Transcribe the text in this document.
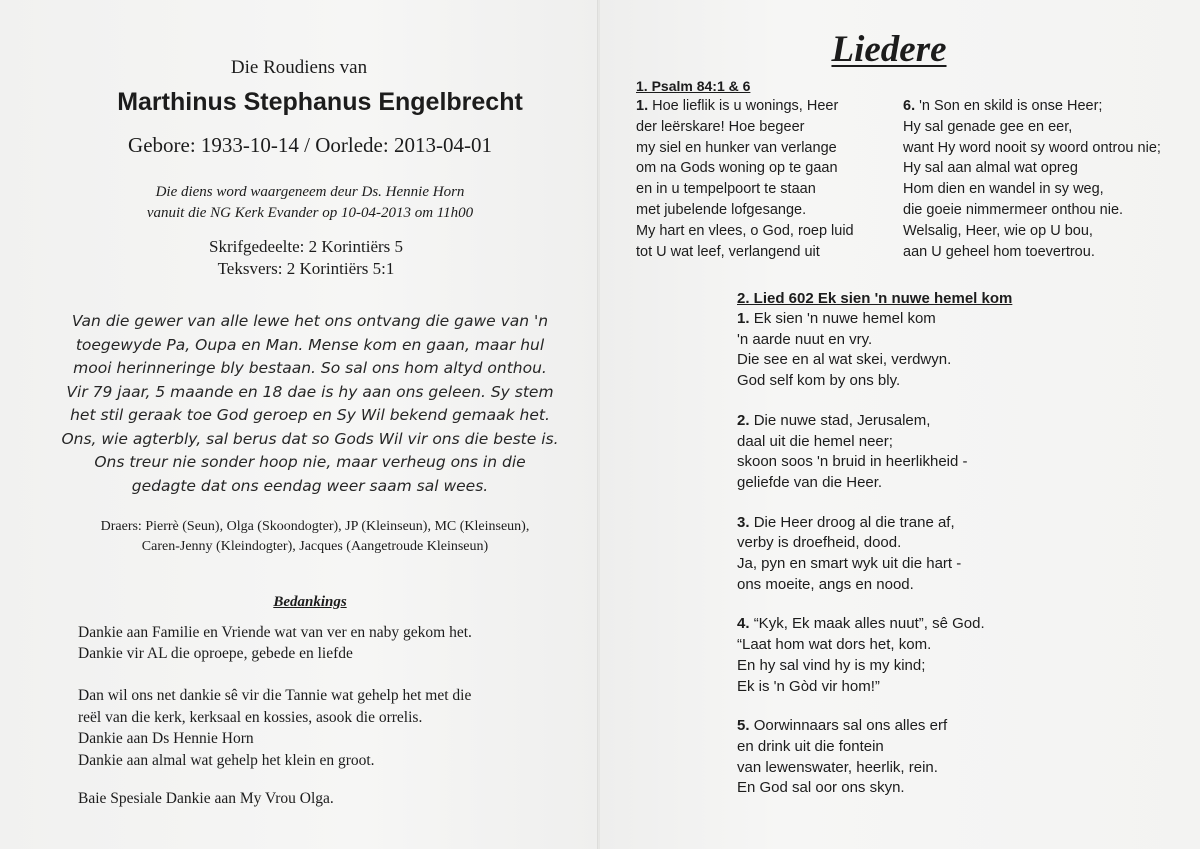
Die Roudiens van
Marthinus Stephanus Engelbrecht
Gebore: 1933-10-14 / Oorlede: 2013-04-01
Die diens word waargeneem deur Ds. Hennie Horn
vanuit die NG Kerk Evander op 10-04-2013 om 11h00
Skrifgedeelte: 2 Korintiërs 5
Teksvers: 2 Korintiërs 5:1
Van die gewer van alle lewe het ons ontvang die gawe van 'n
toegewyde Pa, Oupa en Man. Mense kom en gaan, maar hul
mooi herinneringe bly bestaan. So sal ons hom altyd onthou.
Vir 79 jaar, 5 maande en 18 dae is hy aan ons geleen. Sy stem
het stil geraak toe God geroep en Sy Wil bekend gemaak het.
Ons, wie agterbly, sal berus dat so Gods Wil vir ons die beste is.
Ons treur nie sonder hoop nie, maar verheug ons in die
gedagte dat ons eendag weer saam sal wees.
Draers: Pierrè (Seun), Olga (Skoondogter), JP (Kleinseun), MC (Kleinseun),
Caren-Jenny (Kleindogter), Jacques (Aangetroude Kleinseun)
Bedankings
Dankie aan Familie en Vriende wat van ver en naby gekom het.
Dankie vir AL die oproepe, gebede en liefde
Dan wil ons net dankie sê vir die Tannie wat gehelp het met die
reël van die kerk, kerksaal en kossies, asook die orrelis.
Dankie aan Ds Hennie Horn
Dankie aan almal wat gehelp het klein en groot.
Baie Spesiale Dankie aan My Vrou Olga.
Liedere
1. Psalm 84:1 & 6
1. Hoe lieflik is u wonings, Heer
der leërskare! Hoe begeer
my siel en hunker van verlange
om na Gods woning op te gaan
en in u tempelpoort te staan
met jubelende lofgesange.
My hart en vlees, o God, roep luid
tot U wat leef, verlangend uit
6. 'n Son en skild is onse Heer;
Hy sal genade gee en eer,
want Hy word nooit sy woord ontrou nie;
Hy sal aan almal wat opreg
Hom dien en wandel in sy weg,
die goeie nimmermeer onthou nie.
Welsalig, Heer, wie op U bou,
aan U geheel hom toevertrou.
2. Lied 602 Ek sien 'n nuwe hemel kom
1. Ek sien 'n nuwe hemel kom
'n aarde nuut en vry.
Die see en al wat skei, verdwyn.
God self kom by ons bly.
2. Die nuwe stad, Jerusalem,
daal uit die hemel neer;
skoon soos 'n bruid in heerlikheid -
geliefde van die Heer.
3. Die Heer droog al die trane af,
verby is droefheid, dood.
Ja, pyn en smart wyk uit die hart -
ons moeite, angs en nood.
4. “Kyk, Ek maak alles nuut”, sê God.
“Laat hom wat dors het, kom.
En hy sal vind hy is my kind;
Ek is 'n Gòd vir hom!”
5. Oorwinnaars sal ons alles erf
en drink uit die fontein
van lewenswater, heerlik, rein.
En God sal oor ons skyn.
